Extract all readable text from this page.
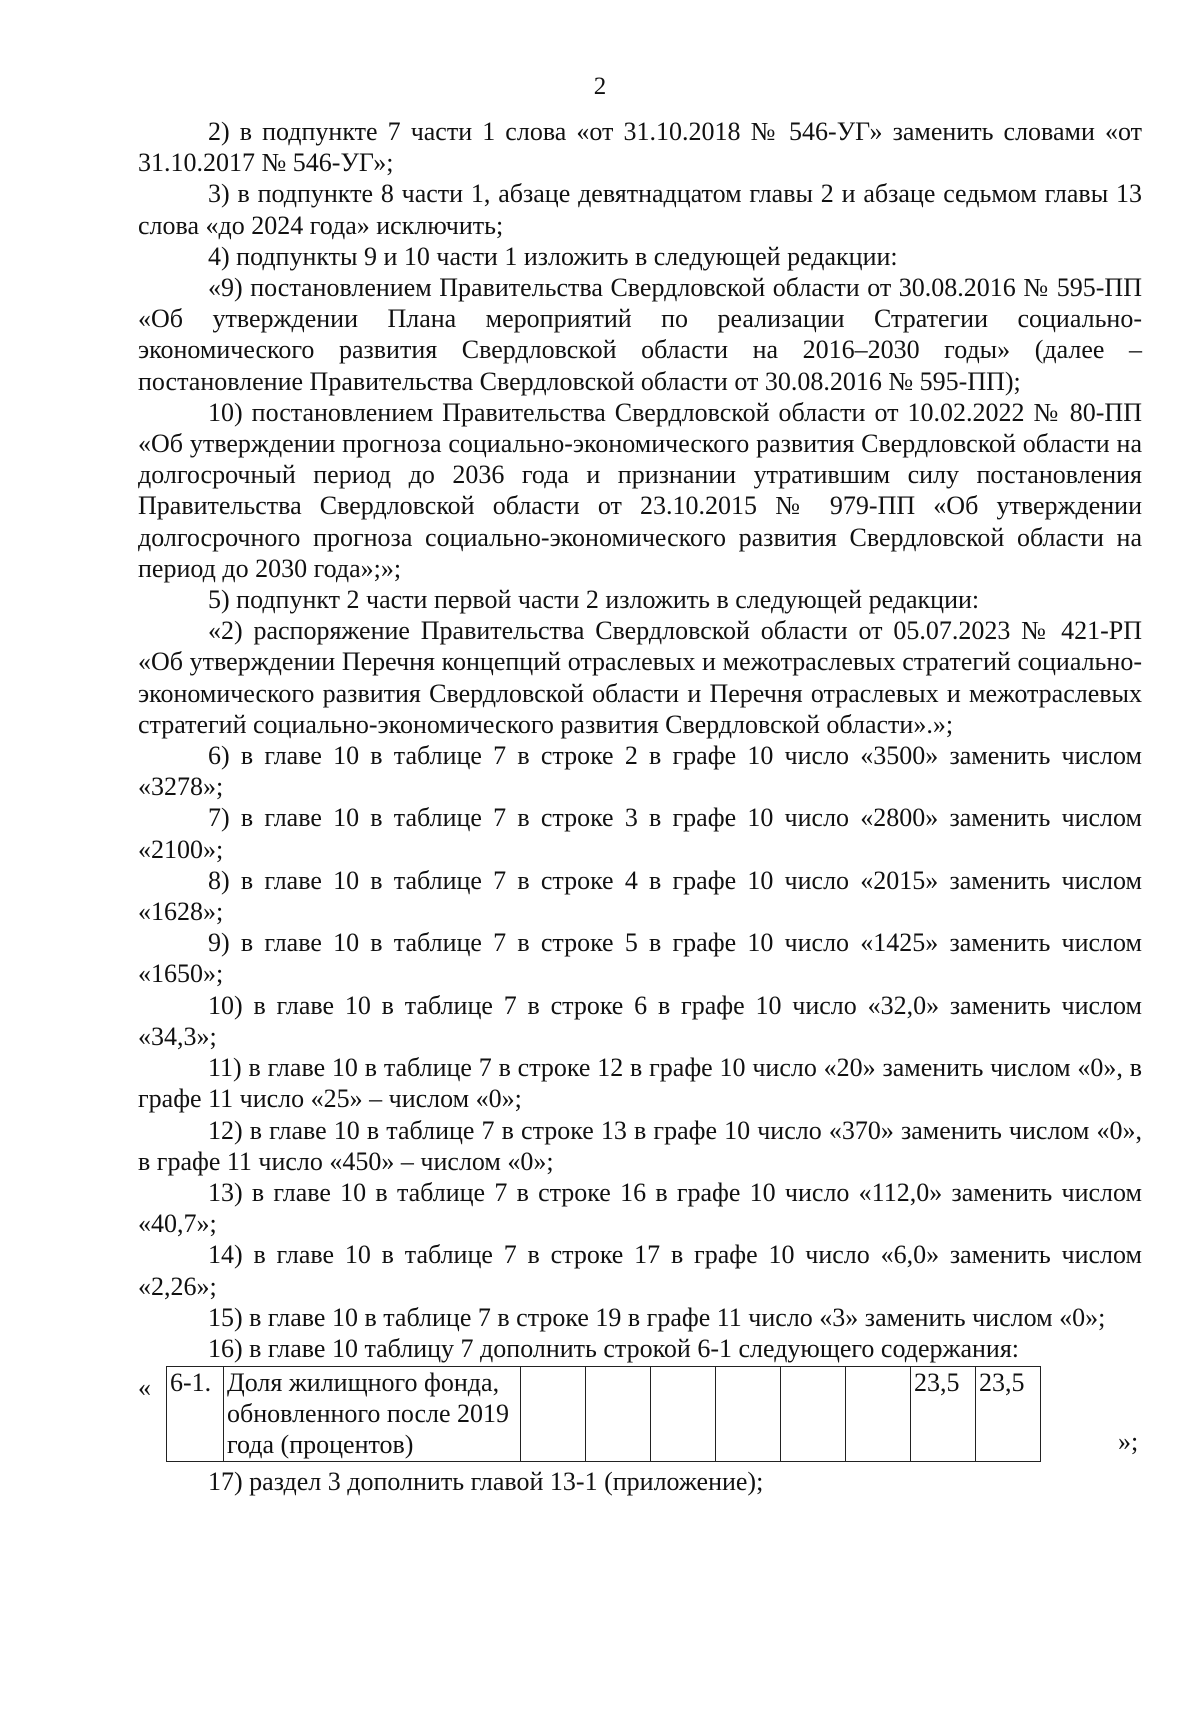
2

2) в подпункте 7 части 1 слова «от 31.10.2018 № 546-УГ» заменить словами «от 31.10.2017 № 546-УГ»;

3) в подпункте 8 части 1, абзаце девятнадцатом главы 2 и абзаце седьмом главы 13 слова «до 2024 года» исключить;

4) подпункты 9 и 10 части 1 изложить в следующей редакции:

«9) постановлением Правительства Свердловской области от 30.08.2016 № 595-ПП «Об утверждении Плана мероприятий по реализации Стратегии социально-экономического развития Свердловской области на 2016–2030 годы» (далее – постановление Правительства Свердловской области от 30.08.2016 № 595-ПП);

10) постановлением Правительства Свердловской области от 10.02.2022 № 80-ПП «Об утверждении прогноза социально-экономического развития Свердловской области на долгосрочный период до 2036 года и признании утратившим силу постановления Правительства Свердловской области от 23.10.2015 № 979-ПП «Об утверждении долгосрочного прогноза социально-экономического развития Свердловской области на период до 2030 года»;»;

5) подпункт 2 части первой части 2 изложить в следующей редакции:

«2) распоряжение Правительства Свердловской области от 05.07.2023 № 421-РП «Об утверждении Перечня концепций отраслевых и межотраслевых стратегий социально-экономического развития Свердловской области и Перечня отраслевых и межотраслевых стратегий социально-экономического развития Свердловской области».»;

6) в главе 10 в таблице 7 в строке 2 в графе 10 число «3500» заменить числом «3278»;

7) в главе 10 в таблице 7 в строке 3 в графе 10 число «2800» заменить числом «2100»;

8) в главе 10 в таблице 7 в строке 4 в графе 10 число «2015» заменить числом «1628»;

9) в главе 10 в таблице 7 в строке 5 в графе 10 число «1425» заменить числом «1650»;

10) в главе 10 в таблице 7 в строке 6 в графе 10 число «32,0» заменить числом «34,3»;

11) в главе 10 в таблице 7 в строке 12 в графе 10 число «20» заменить числом «0», в графе 11 число «25» – числом «0»;

12) в главе 10 в таблице 7 в строке 13 в графе 10 число «370» заменить числом «0», в графе 11 число «450» – числом «0»;

13) в главе 10 в таблице 7 в строке 16 в графе 10 число «112,0» заменить числом «40,7»;

14) в главе 10 в таблице 7 в строке 17 в графе 10 число «6,0» заменить числом «2,26»;

15) в главе 10 в таблице 7 в строке 19 в графе 11 число «3» заменить числом «0»;

16) в главе 10 таблицу 7 дополнить строкой 6-1 следующего содержания:

« 6-1.	Доля жилищного фонда, обновленного после 2019 года (процентов)							23,5	23,5
»;

17) раздел 3 дополнить главой 13-1 (приложение);
